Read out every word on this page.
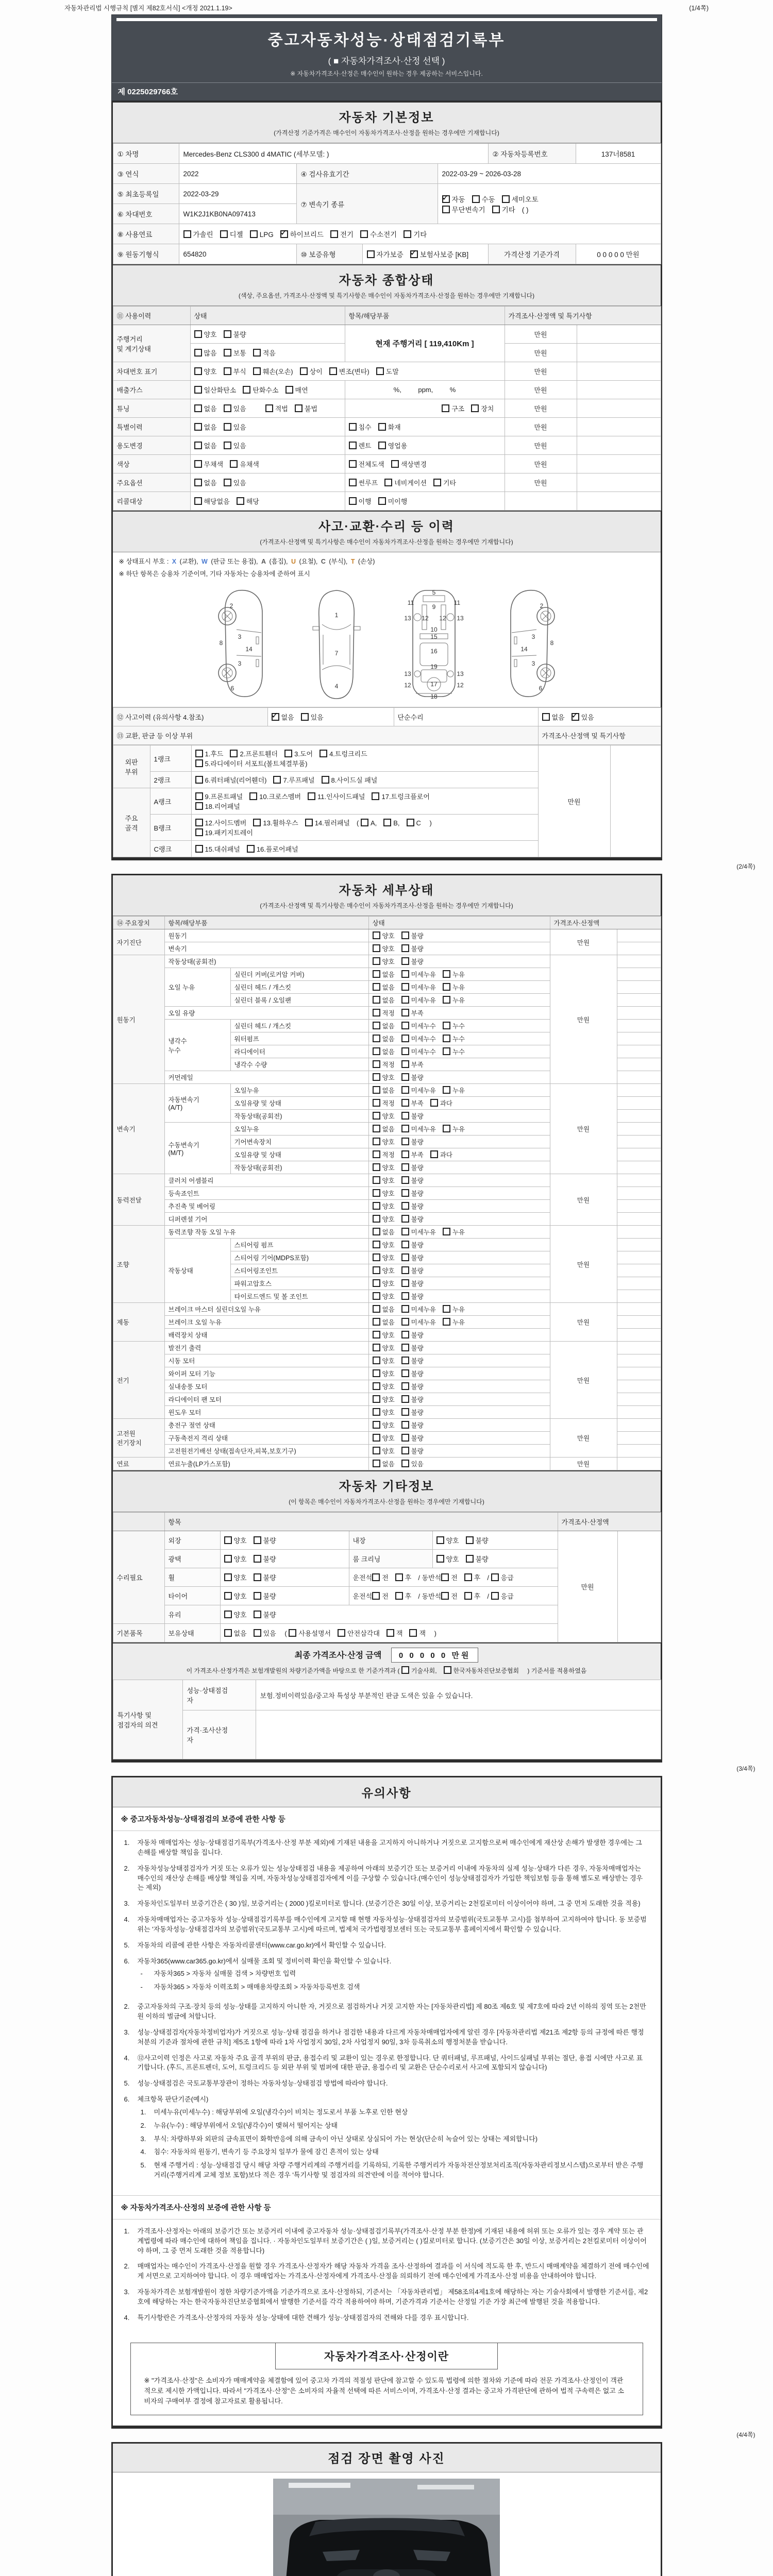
자동차관리법 시행규칙 [별지 제82호서식] <개정 2021.1.19>	(1/4쪽)
중고자동차성능·상태점검기록부
( ■ 자동차가격조사·산정 선택 )
※ 자동차가격조사·산정은 매수인이 원하는 경우 제공하는 서비스입니다.
제 0225029766호
자동차 기본정보
(가격산정 기준가격은 매수인이 자동차가격조사·산정을 원하는 경우에만 기재합니다)
① 차명	Mercedes-Benz CLS300 d 4MATIC (세부모델: )				② 자동차등록번호	137너8581
③ 연식	2022	④ 검사유효기간		2022-03-29 ~ 2026-03-28		
⑤ 최초등록일	2022-03-29	⑦ 변속기 종류	✓자동 수동 세미오토
무단변속기 기타 ( )
⑥ 차대번호	W1K2J1KB0NA097413					
⑧ 사용연료	가솔린 디젤 LPG ✓ 하이브리드 전기 수소전기 기타
⑨ 원동기형식	654820	⑩ 보증유형	자가보증 ✓ 보험사보증 [KB]		가격산정 기준가격	0 0 0 0 0 만원
자동차 종합상태
(색상, 주요옵션, 가격조사·산정액 및 특기사항은 매수인이 자동차가격조사·산정을 원하는 경우에만 기재합니다)
⑪ 사용이력	상태	항목/해당부품	가격조사·산정액 및 특기사항	
주행거리
및 계기상태	양호 불량	현재 주행거리 [ 119,410Km ]	만원	
	많음 보통 적음		만원	
차대번호 표기	양호 부식 훼손(오손) 상이 변조(변타) 도말		만원	
배출가스	일산화탄소 탄화수소 매연	%,         ppm,         %	만원	
튜닝	없음 있음 적법 불법	구조 장치	만원	
특별이력	없음 있음	침수 화재	만원	
용도변경	없음 있음	렌트 영업용	만원	
색상	무채색 유채색	전체도색 색상변경	만원	
주요옵션	없음 있음	썬루프 네비게이션 기타	만원	
리콜대상	해당없음 해당	이행 미이행		
사고·교환·수리 등 이력
(가격조사·산정액 및 특기사항은 매수인이 자동차가격조사·산정을 원하는 경우에만 기재합니다)
※ 상태표시 부호 : X (교환), W (판금 또는 용접), A (흠집), U (요철), C (부식), T (손상)
※ 하단 항목은 승용차 기준이며, 기타 자동차는 승용차에 준하여 표시
2
8
3
14
3
6
1
7
4
5
11
9
11
13 12 12 13
10
15
16
19
13	13
12	12
17
18
2
8
3
14
3
6
⑫ 사고이력 (유의사항 4.참조)	✓없음 있음	단순수리	없음 ✓ 있음
⑬ 교환, 판금 등 이상 부위			가격조사·산정액 및 특기사항
외판
부위	1랭크	1.후드 2.프론트휀더 3.도어 4.트렁크리드
5.라디에이터 서포트(볼트체결부품)	만원	
	2랭크	6.쿼터패널(리어휀더) 7.루프패널 8.사이드실 패널		
주요
골격	A랭크	9.프론트패널 10.크로스멤버 11.인사이드패널 17.트렁크플로어
18.리어패널		
	B랭크	12.사이드멤버 13.휠하우스 14.필러패널 ( A, B, C )
19.패키지트레이		
	C랭크	15.대쉬패널 16.플로어패널		
(2/4쪽)
자동차 세부상태
(가격조사·산정액 및 특기사항은 매수인이 자동차가격조사·산정을 원하는 경우에만 기재합니다)
⑭ 주요장치	항목/해당부품		상태	가격조사·산정액	
자기진단	원동기		양호 불량	만원	
	변속기		양호 불량		
원동기	작동상태(공회전)		양호 불량	만원	
	오일 누유	실린더 커버(로커암 커버)	없음 미세누유 누유		
		실린더 헤드 / 개스킷	없음 미세누유 누유		
		실린더 블록 / 오일팬	없음 미세누유 누유		
	오일 유량		적정 부족		
	냉각수
누수	실린더 헤드 / 개스킷	없음 미세누수 누수		
		워터펌프	없음 미세누수 누수		
		라디에이터	없음 미세누수 누수		
		냉각수 수량	적정 부족		
	커먼레일		양호 불량		
변속기	자동변속기
(A/T)	오일누유	없음 미세누유 누유	만원	
		오일유량 및 상태	적정 부족 과다		
		작동상태(공회전)	양호 불량		
	수동변속기
(M/T)	오일누유	없음 미세누유 누유		
		기어변속장치	양호 불량		
		오일유량 및 상태	적정 부족 과다		
		작동상태(공회전)	양호 불량		
동력전달	클러치 어셈블리		양호 불량	만원	
	등속죠인트		양호 불량		
	추진축 및 베어링		양호 불량		
	디퍼렌셜 기어		양호 불량		
조향	동력조향 작동 오일 누유		없음 미세누유 누유	만원	
	작동상태	스티어링 펌프	양호 불량		
		스티어링 기어(MDPS포함)	양호 불량		
		스티어링조인트	양호 불량		
		파워고압호스	양호 불량		
		타이로드엔드 및 볼 조인트	양호 불량		
제동	브레이크 마스터 실린더오일 누유		없음 미세누유 누유	만원	
	브레이크 오일 누유		없음 미세누유 누유		
	배력장치 상태		양호 불량		
전기	발전기 출력		양호 불량	만원	
	시동 모터		양호 불량		
	와이퍼 모터 기능		양호 불량		
	실내송풍 모터		양호 불량		
	라디에이터 팬 모터		양호 불량		
	윈도우 모터		양호 불량		
고전원
전기장치	충전구 절연 상태		양호 불량	만원	
	구동축전지 격리 상태		양호 불량		
	고전원전기배선 상태(접속단자,피복,보호기구)		양호 불량		
연료	연료누출(LP가스포함)		없음 있음	만원	
자동차 기타정보
(이 항목은 매수인이 자동차가격조사·산정을 원하는 경우에만 기재합니다)
	항목				가격조사·산정액	
수리필요	외장	양호 불량	내장	양호 불량	만원	
	광택	양호 불량	룸 크리닝	양호 불량		
	휠	양호 불량	운전석 전 후 / 동반석 전 후 / 응급			
	타이어	양호 불량	운전석 전 후 / 동반석 전 후 / 응급			
	유리	양호 불량				
기본품목	보유상태	없음 있음 ( 사용설명서 안전삼각대 잭 잭 )				
최종 가격조사·산정 금액 0 0 0 0 0 만원
이 가격조사·산정가격은 보험개발원의 차량기준가액을 바탕으로 한 기준가격과 ( 기술사회,	한국자동차진단보증협회 ) 기준서를 적용하였음
특기사항 및
점검자의 의견	성능·상태점검
자	보험.정비이력있음/중고차 특성상 부분적인 판금 도색은 있을 수 있습니다.
	가격·조사산정
자	
(3/4쪽)
유의사항
※ 중고자동차성능·상태점검의 보증에 관한 사항 등
1.	자동차 매매업자는 성능·상태점검기록부(가격조사·산정 부분 제외)에 기재된 내용을 고지하지 아니하거나 거짓으로 고지함으로써 매수인에게 재산상 손해가 발생한 경우에는 그 손해를 배상할 책임을 집니다.
2.	자동차성능상태점검자가 거짓 또는 오류가 있는 성능상태점검 내용을 제공하여 아래의 보증기간 또는 보증거리 이내에 자동차의 실제 성능·상태가 다른 경우, 자동차매매업자는 매수인의 재산상 손해를 배상할 책임을 지며, 자동차성능상태점검자에게 이를 구상할 수 있습니다.(매수인이 성능상태점검자가 가입한 책임보험 등을 통해 별도로 배상받는 경우는 제외)
3.	자동차인도일부터 보증기간은 ( 30 )일, 보증거리는 ( 2000 )킬로미터로 합니다. (보증기간은 30일 이상, 보증거리는 2천킬로미터 이상이어야 하며, 그 중 먼저 도래한 것을 적용)
4.	자동차매매업자는 중고자동차 성능·상태점검기록부를 매수인에게 고지할 때 현행 자동차성능·상태점검자의 보증범위(국토교통부 고시)를 첨부하여 고지하여야 합니다. 동 보증범위는 '자동차성능·상태점검자의 보증범위'(국토교통부 고시)에 따르며, 법제처 국가법령정보센터 또는 국토교통부 홈페이지에서 확인할 수 있습니다.
5.	자동차의 리콜에 관한 사항은 자동차리콜센터(www.car.go.kr)에서 확인할 수 있습니다.
6.	자동차365(www.car365.go.kr)에서 실매물 조회 및 정비이력 확인을 확인할 수 있습니다.
-	자동차365 > 자동차 실매물 검색 > 차량번호 입력
-	자동차365 > 자동차 이력조회 > 매매용차량조회 > 자동차등록번호 검색
2.	중고자동차의 구조·장치 등의 성능·상태를 고지하지 아니한 자, 거짓으로 점검하거나 거짓 고지한 자는 [자동차관리법] 제 80조 제6호 및 제7호에 따라 2년 이하의 징역 또는 2천만원 이하의 벌금에 처합니다.
3.	성능·상태점검자(자동차정비업자)가 거짓으로 성능·상태 점검을 하거나 점검한 내용과 다르게 자동차매매업자에게 알린 경우 [자동차관리법 제21조 제2항 등의 규정에 따른 행정처분의 기준과 절차에 관한 규칙] 제5조 1항에 따라 1차 사업정지 30일, 2차 사업정지 90일, 3차 등록취소의 행정처분을 받습니다.
4.	⑫사고이력 인정은 사고로 자동차 주요 골격 부위의 판금, 용접수리 및 교환이 있는 경우로 한정합니다. 단 쿼터패널, 루프패널, 사이드실패널 부위는 절단, 용접 시에만 사고로 표기합니다. (후드, 프론트펜더, 도어, 트렁크리드 등 외판 부위 및 범퍼에 대한 판금, 용접수리 및 교환은 단순수리로서 사고에 포함되지 않습니다)
5.	성능·상태점검은 국토교통부장관이 정하는 자동차성능·상태점검 방법에 따라야 합니다.
6.	체크항목 판단기준(예시)
1.	미세누유(미세누수) : 해당부위에 오일(냉각수)이 비치는 정도로서 부품 노후로 인한 현상
2.	누유(누수) : 해당부위에서 오일(냉각수)이 맺혀서 떨어지는 상태
3.	부식: 차량하부와 외판의 금속표면이 화학반응에 의해 금속이 아닌 상태로 상실되어 가는 현상(단순히 녹슬어 있는 상태는 제외합니다)
4.	침수: 자동차의 원동기, 변속기 등 주요장치 일부가 물에 잠긴 흔적이 있는 상태
5.	현재 주행거리 : 성능·상태점검 당시 해당 차량 주행거리계의 주행거리를 기록하되, 기록한 주행거리가 자동차전산정보처리조직(자동차관리정보시스템)으로부터 받은 주행거리(주행거리계 교체 정보 포함)보다 적은 경우 '특기사항 및 점검자의 의견'란에 이를 적어야 합니다.
※ 자동차가격조사·산정의 보증에 관한 사항 등
1.	가격조사·산정자는 아래의 보증기간 또는 보증거리 이내에 중고자동차 성능·상태점검기록부(가격조사·산정 부분 한정)에 기재된 내용에 허위 또는 오류가 있는 경우 계약 또는 관계법령에 따라 매수인에 대하여 책임을 집니다. · 자동차인도일부터 보증기간은 ( )일, 보증거리는 ( )킬로미터로 합니다. (보증기간은 30일 이상, 보증거리는 2천킬로미터 이상이어야 하며, 그 중 먼저 도래한 것을 적용합니다)
2.	매매업자는 매수인이 가격조사·산정을 원할 경우 가격조사·산정자가 해당 자동차 가격을 조사·산정하여 결과를 이 서식에 적도록 한 후, 반드시 매매계약을 체결하기 전에 매수인에게 서면으로 고지하여야 합니다. 이 경우 매매업자는 가격조사·산정자에게 가격조사·산정을 의뢰하기 전에 매수인에게 가격조사·산정 비용을 안내하여야 합니다.
3.	자동차가격은 보험개발원이 정한 차량기준가액을 기준가격으로 조사·산정하되, 기준서는 「자동차관리법」 제58조의4제1호에 해당하는 자는 기술사회에서 발행한 기준서를, 제2호에 해당하는 자는 한국자동차진단보증협회에서 발행한 기준서를 각각 적용하여야 하며, 기준가격과 기준서는 산정일 기준 가장 최근에 발행된 것을 적용합니다.
4.	특기사항란은 가격조사·산정자의 자동차 성능·상태에 대한 견해가 성능·상태점검자의 견해와 다를 경우 표시합니다.
자동차가격조사·산정이란
※ "가격조사·산정"은 소비자가 매매계약을 체결함에 있어 중고차 가격의 적절성 판단에 참고할 수 있도록 법령에 의한 절차와 기준에 따라 전문 가격조사·산정인이 객관적으로 제시한 가액입니다. 따라서 "가격조사·산정"은 소비자의 자율적 선택에 따른 서비스이며, 가격조사·산정 결과는 중고차 가격판단에 관하여 법적 구속력은 없고 소비자의 구매여부 결정에 참고자료로 활용됩니다.
(4/4쪽)
점검 장면 촬영 사진
